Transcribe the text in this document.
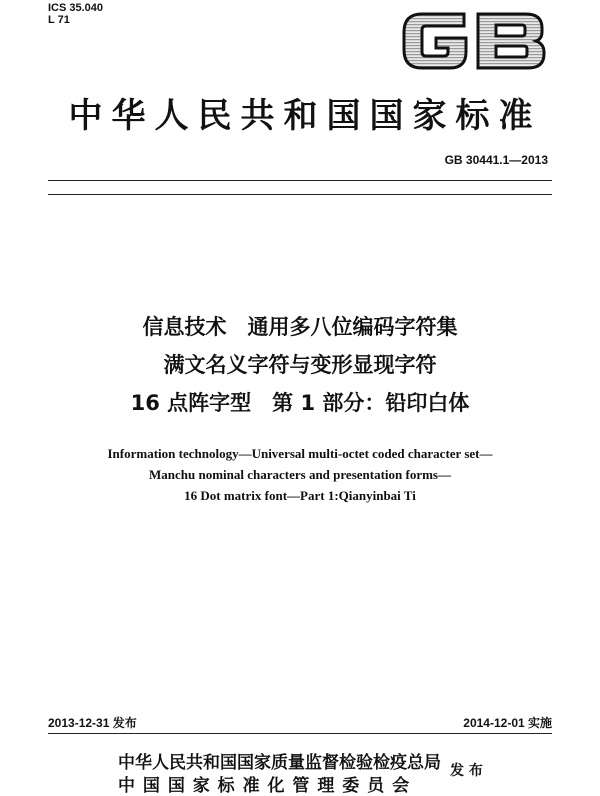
ICS 35.040
L 71
中华人民共和国国家标准
GB 30441.1—2013
信息技术　通用多八位编码字符集
满文名义字符与变形显现字符
16 点阵字型　第 1 部分：铅印白体
Information technology—Universal multi-octet coded character set—
Manchu nominal characters and presentation forms—
16 Dot matrix font—Part 1:Qianyinbai Ti
2013-12-31 发布	2014-12-01 实施
中华人民共和国国家质量监督检验检疫总局
中 国 国 家 标 准 化 管 理 委 员 会
发 布
